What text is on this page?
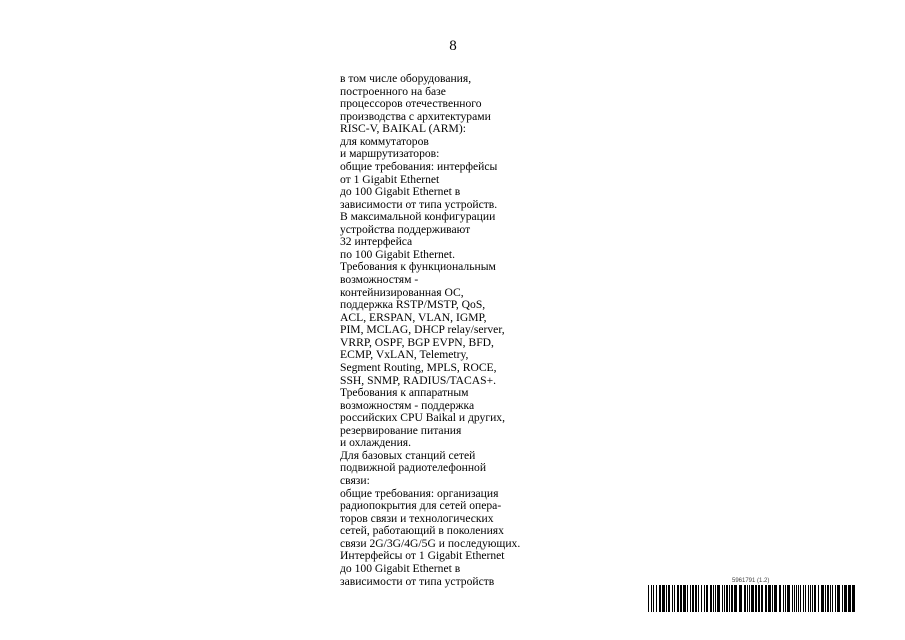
8
в том числе оборудования,
построенного на базе
процессоров отечественного
производства с архитектурами
RISC-V, BAIKAL (ARM):
для коммутаторов
и маршрутизаторов:
общие требования: интерфейсы
от 1 Gigabit Ethernet
до 100 Gigabit Ethernet в
зависимости от типа устройств.
В максимальной конфигурации
устройства поддерживают
32 интерфейса
по 100 Gigabit Ethernet.
Требования к функциональным
возможностям -
контейнизированная ОС,
поддержка RSTP/MSTP, QoS,
ACL, ERSPAN, VLAN, IGMP,
PIM, MCLAG, DHCP relay/server,
VRRP, OSPF, BGP EVPN, BFD,
ECMP, VxLAN, Telemetry,
Segment Routing, MPLS, ROCE,
SSH, SNMP, RADIUS/TACAS+.
Требования к аппаратным
возможностям - поддержка
российских CPU Baikal и других,
резервирование питания
и охлаждения.
Для базовых станций сетей
подвижной радиотелефонной
связи:
общие требования: организация
радиопокрытия для сетей опера-
торов связи и технологических
сетей, работающий в поколениях
связи 2G/3G/4G/5G и последующих.
Интерфейсы от 1 Gigabit Ethernet
до 100 Gigabit Ethernet в
зависимости от типа устройств	5961791 (1.2)
